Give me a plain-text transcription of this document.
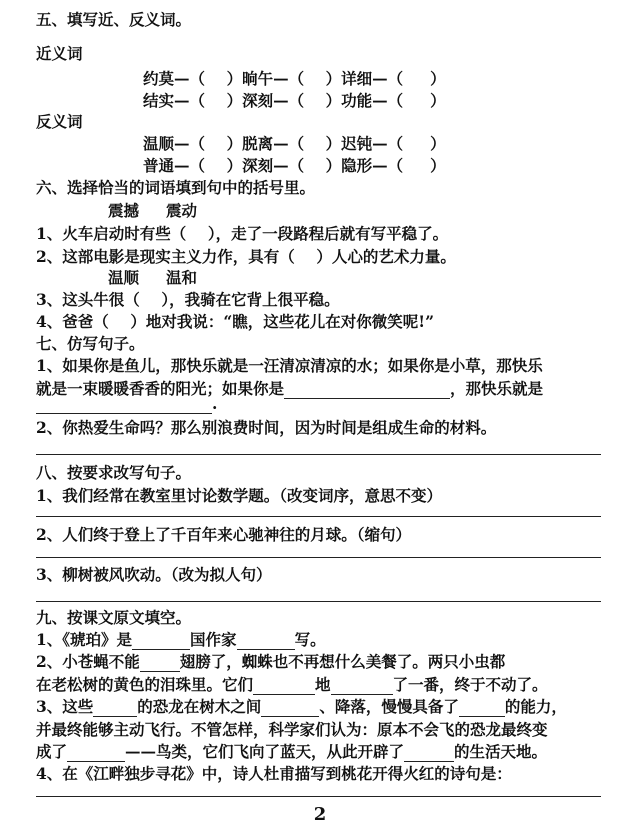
五、填写近、反义词。
近义词
约莫—（    ）晌午—（    ）详细—（     ）
结实—（    ）深刻—（    ）功能—（     ）
反义词
温顺—（    ）脱离—（    ）迟钝—（     ）
普通—（    ）深刻—（    ）隐形—（     ）
六、选择恰当的词语填到句中的括号里。
震撼     震动
1、火车启动时有些（    ），走了一段路程后就有写平稳了。
2、这部电影是现实主义力作，具有（    ）人心的艺术力量。
温顺     温和
3、这头牛很（    ），我骑在它背上很平稳。
4、爸爸（    ）地对我说：“瞧，这些花儿在对你微笑呢!”
七、仿写句子。
1、如果你是鱼儿，那快乐就是一汪清凉清凉的水；如果你是小草，那快乐
就是一束暖暖香香的阳光；如果你是	，那快乐就是
.
2、你热爱生命吗？那么别浪费时间，因为时间是组成生命的材料。
八、按要求改写句子。
1、我们经常在教室里讨论数学题。（改变词序，意思不变）
2、人们终于登上了千百年来心驰神往的月球。（缩句）
3、柳树被风吹动。（改为拟人句）
九、按课文原文填空。
1、《琥珀》是	国作家	写。
2、小苍蝇不能	翅膀了，蜘蛛也不再想什么美餐了。两只小虫都
在老松树的黄色的泪珠里。它们	地	了一番，终于不动了。
3、这些	的恐龙在树木之间	、降落，慢慢具备了	的能力，
并最终能够主动飞行。不管怎样，科学家们认为：原本不会飞的恐龙最终变
成了	——鸟类，它们飞向了蓝天，从此开辟了	的生活天地。
4、在《江畔独步寻花》中，诗人杜甫描写到桃花开得火红的诗句是：
2
